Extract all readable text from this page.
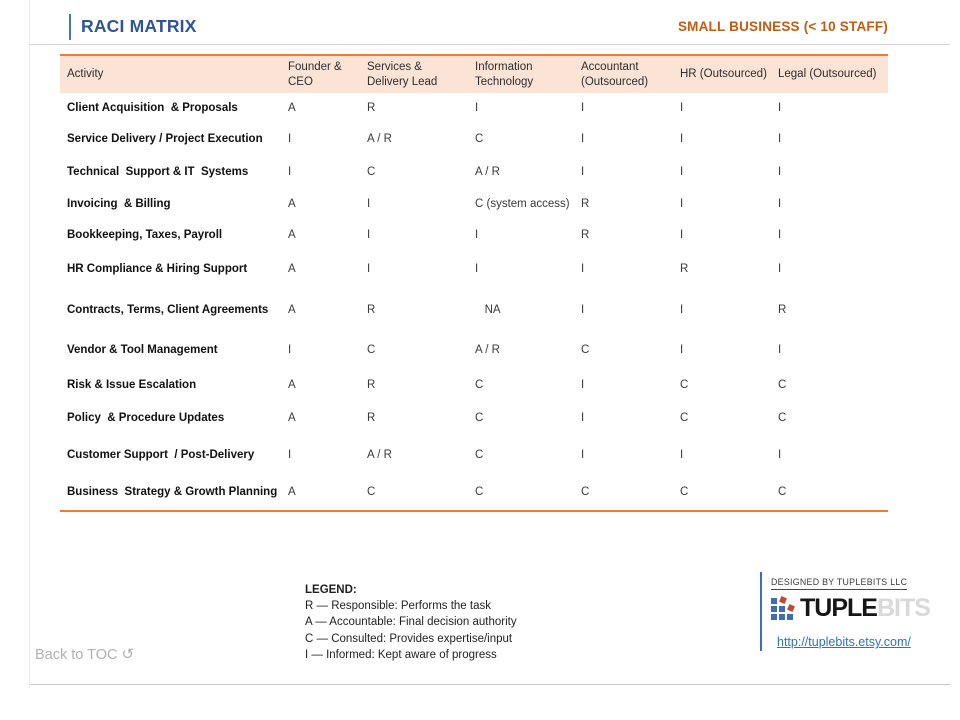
RACI MATRIX	SMALL BUSINESS (< 10 STAFF)
Activity	Founder & CEO	Services & Delivery Lead	Information Technology	Accountant (Outsourced)	HR (Outsourced)	Legal (Outsourced)
Client Acquisition  & Proposals	A	R	I	I	I	I
Service Delivery / Project Execution	I	A / R	C	I	I	I
Technical  Support & IT  Systems	I	C	A / R	I	I	I
Invoicing  & Billing	A	I	C (system access)	R	I	I
Bookkeeping, Taxes, Payroll	A	I	I	R	I	I
HR Compliance & Hiring Support	A	I	I	I	R	I
Contracts, Terms, Client Agreements	A	R	NA	I	I	R
Vendor & Tool Management	I	C	A / R	C	I	I
Risk & Issue Escalation	A	R	C	I	C	C
Policy  & Procedure Updates	A	R	C	I	C	C
Customer Support  / Post-Delivery	I	A / R	C	I	I	I
Business  Strategy & Growth Planning	A	C	C	C	C	C
LEGEND:
R — Responsible: Performs the task
A — Accountable: Final decision authority
C — Consulted: Provides expertise/input
I — Informed: Kept aware of progress
Back to TOC ↺
DESIGNED BY TUPLEBITS LLC
TUPLE BITS
http://tuplebits.etsy.com/
